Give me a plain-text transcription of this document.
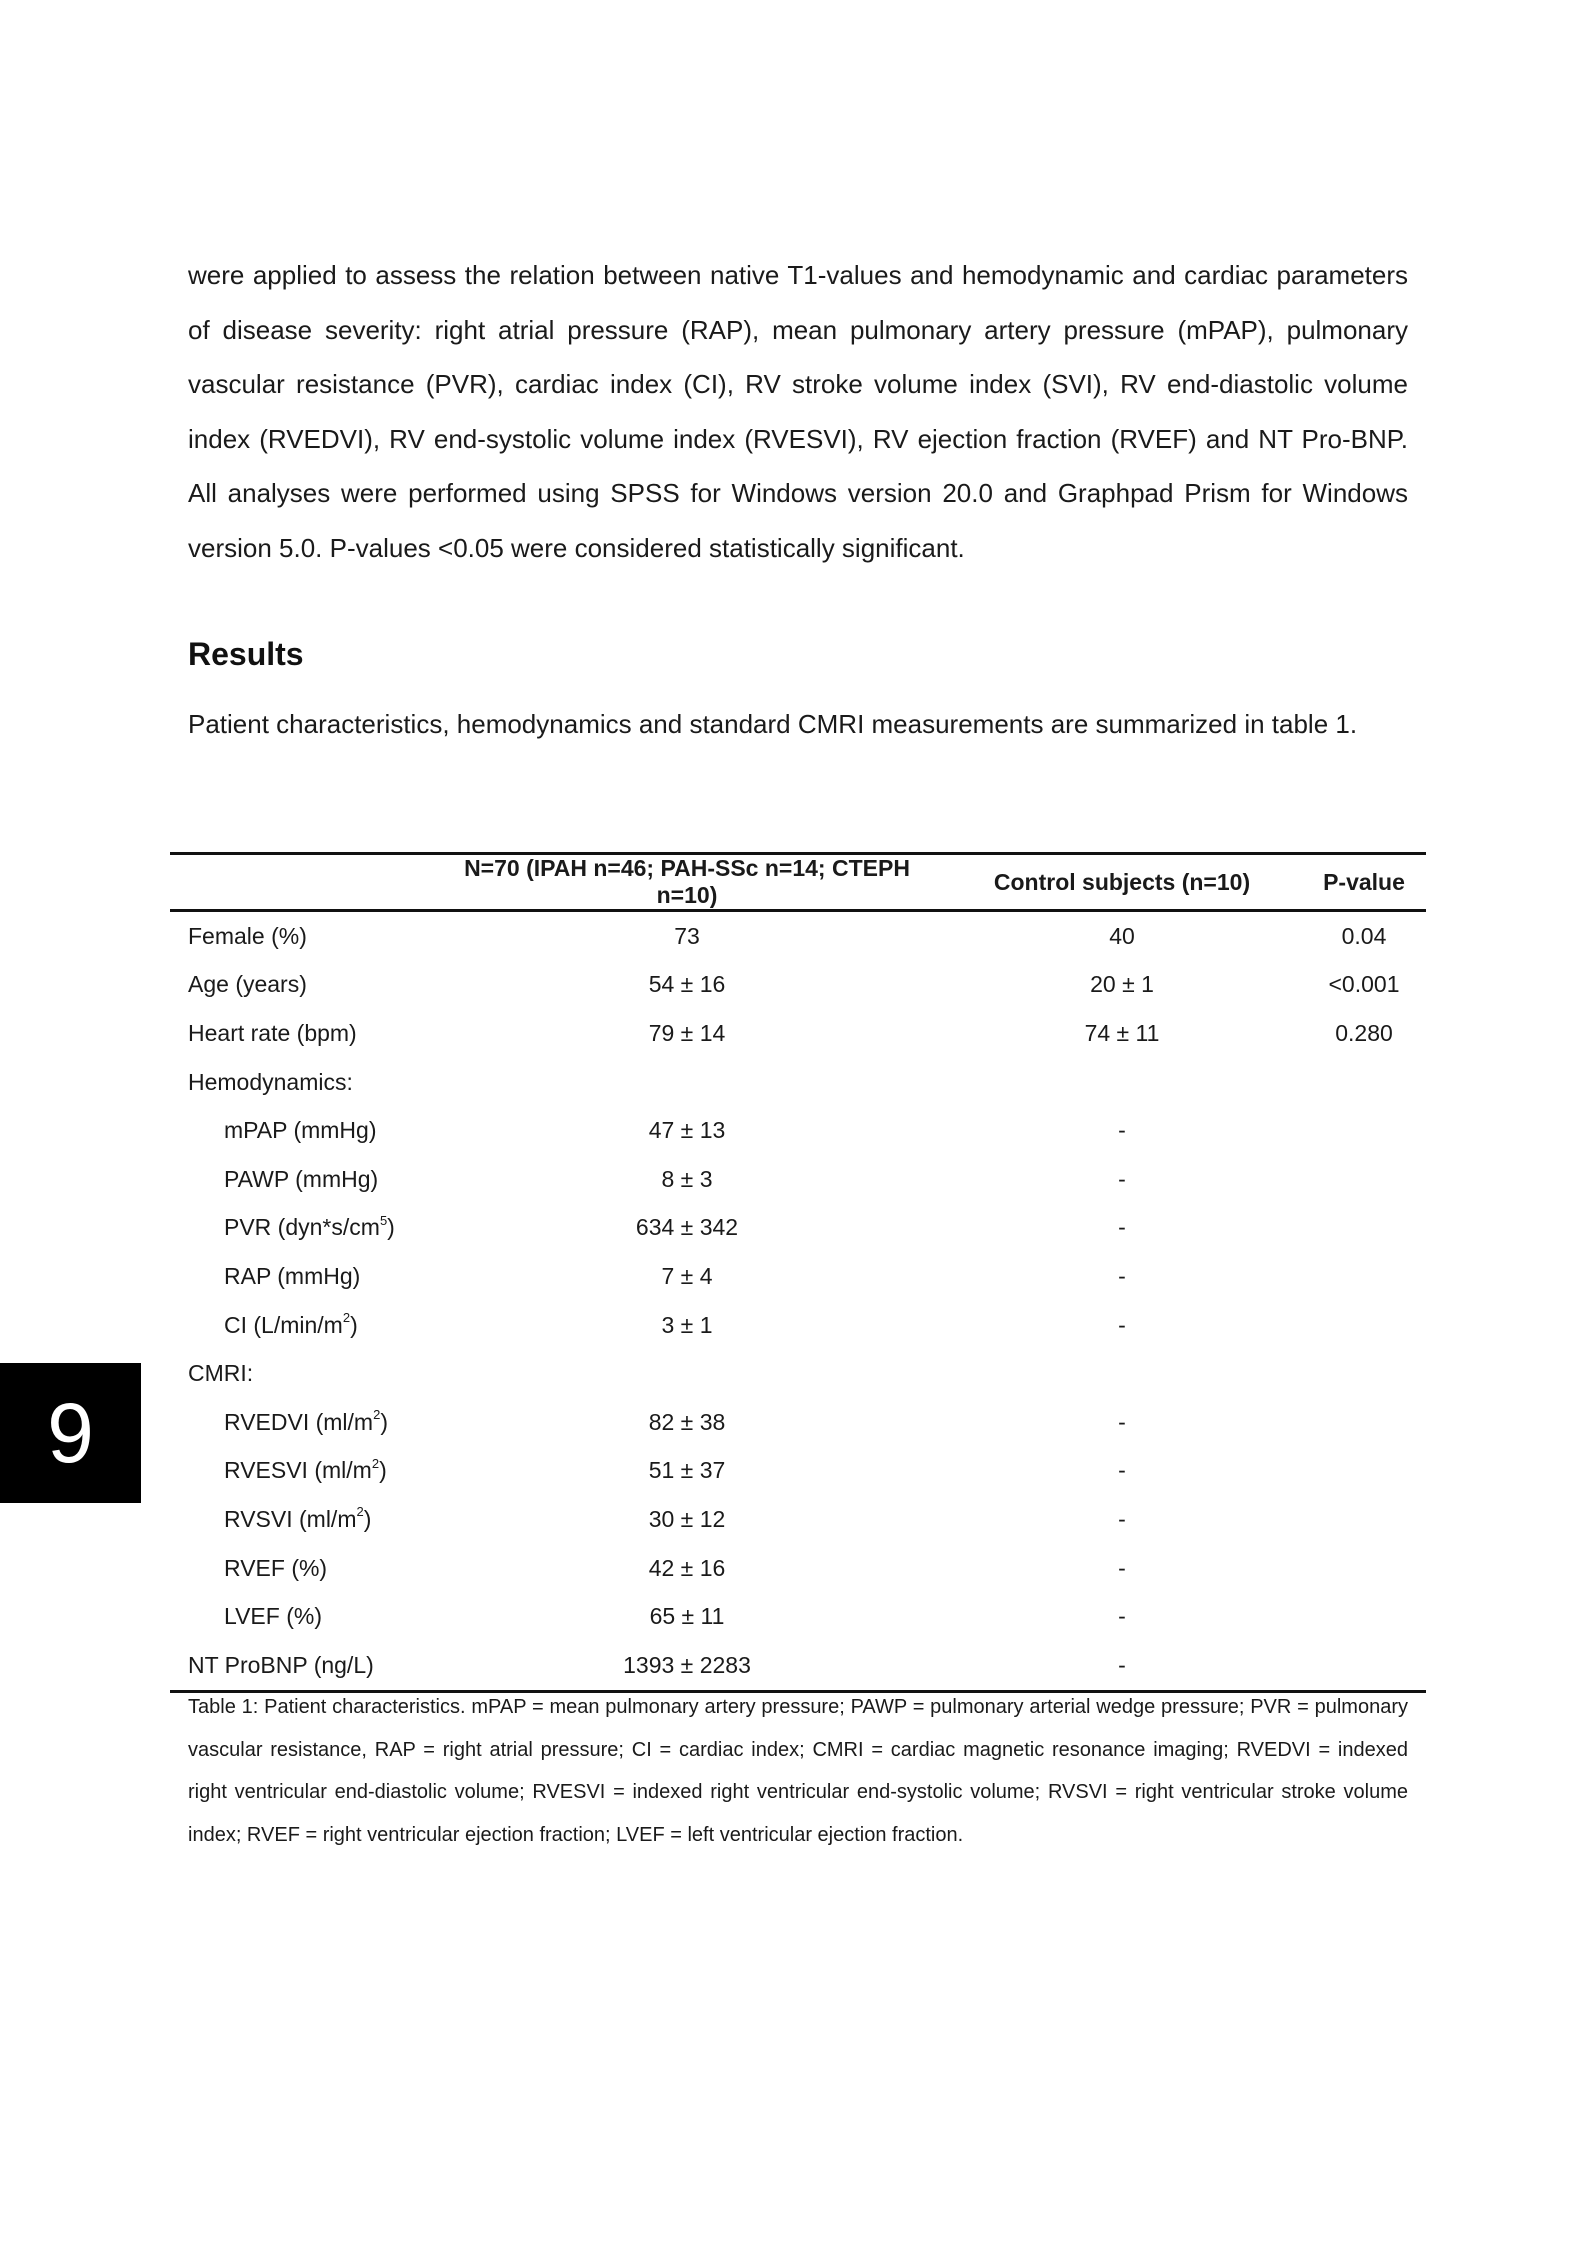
were applied to assess the relation between native T1-values and hemodynamic and cardiac parameters of disease severity: right atrial pressure (RAP), mean pulmonary artery pressure (mPAP), pulmonary vascular resistance (PVR), cardiac index (CI), RV stroke volume index (SVI), RV end-diastolic volume index (RVEDVI), RV end-systolic volume index (RVESVI), RV ejection fraction (RVEF) and NT Pro-BNP. All analyses were performed using SPSS for Windows version 20.0 and Graphpad Prism for Windows version 5.0. P-values <0.05 were considered statistically significant.

Results

Patient characteristics, hemodynamics and standard CMRI measurements are summarized in table 1.

	N=70 (IPAH n=46; PAH-SSc n=14; CTEPH n=10)	Control subjects (n=10)	P-value
Female (%)	73	40	0.04
Age (years)	54 ± 16	20 ± 1	<0.001
Heart rate (bpm)	79 ± 14	74 ± 11	0.280
Hemodynamics:			
mPAP (mmHg)	47 ± 13	-	
PAWP (mmHg)	8 ± 3	-	
PVR $(dyn*s/cm^5)$	634 ± 342	-	
RAP (mmHg)	7 ± 4	-	
CI $(L/\min/m^2)$	3 ± 1	-	
CMRI:			
RVEDVI $(ml/m^2)$	82 ± 38	-	
RVESVI $(ml/m^2)$	51 ± 37	-	
RVSVI $(ml/m^2)$	30 ± 12	-	
RVEF (%)	42 ± 16	-	
LVEF (%)	65 ± 11	-	
NT ProBNP (ng/L)	1393 ± 2283	-	

Table 1: Patient characteristics. mPAP = mean pulmonary artery pressure; PAWP = pulmonary arterial wedge pressure; PVR = pulmonary vascular resistance, RAP = right atrial pressure; CI = cardiac index; CMRI = cardiac magnetic resonance imaging; RVEDVI = indexed right ventricular end-diastolic volume; RVESVI = indexed right ventricular end-systolic volume; RVSVI = right ventricular stroke volume index; RVEF = right ventricular ejection fraction; LVEF = left ventricular ejection fraction.

9
